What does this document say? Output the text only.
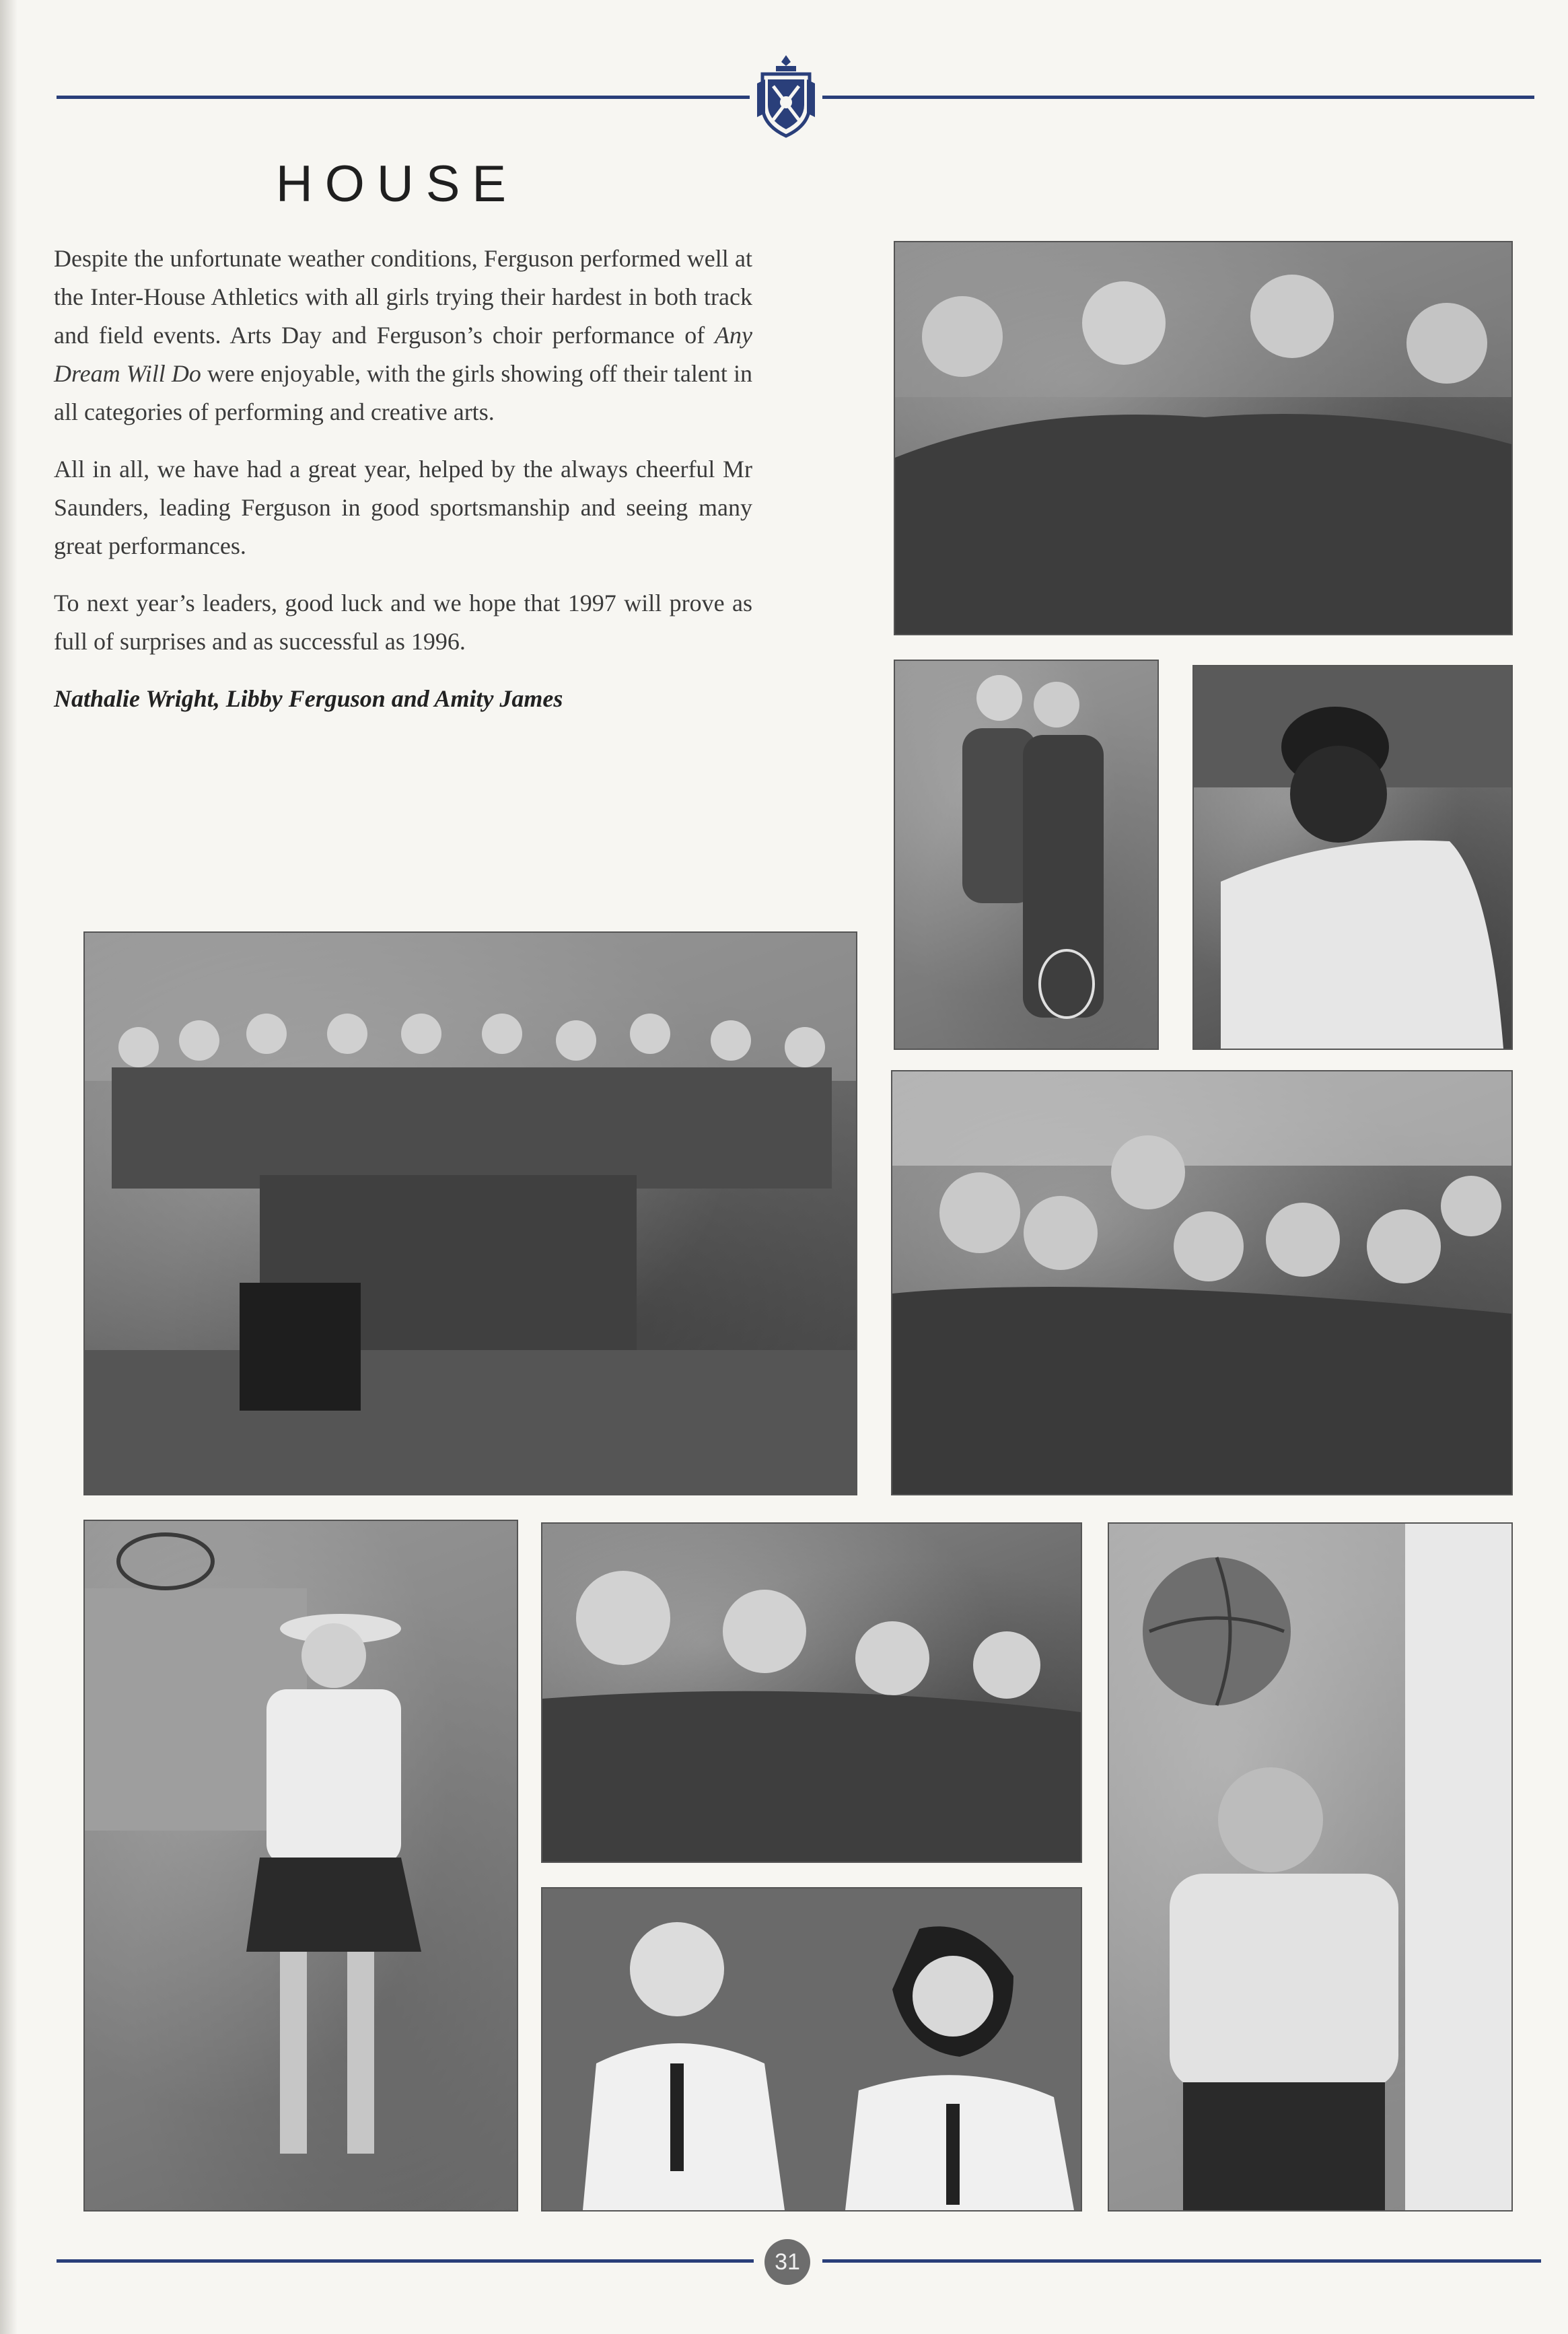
HOUSE

Despite the unfortunate weather conditions, Ferguson performed well at the Inter-House Athletics with all girls trying their hardest in both track and field events. Arts Day and Ferguson’s choir performance of Any Dream Will Do were enjoyable, with the girls showing off their talent in all categories of performing and creative arts.

All in all, we have had a great year, helped by the always cheerful Mr Saunders, leading Ferguson in good sportsmanship and seeing many great performances.

To next year’s leaders, good luck and we hope that 1997 will prove as full of surprises and as successful as 1996.

Nathalie Wright, Libby Ferguson and Amity James

31
